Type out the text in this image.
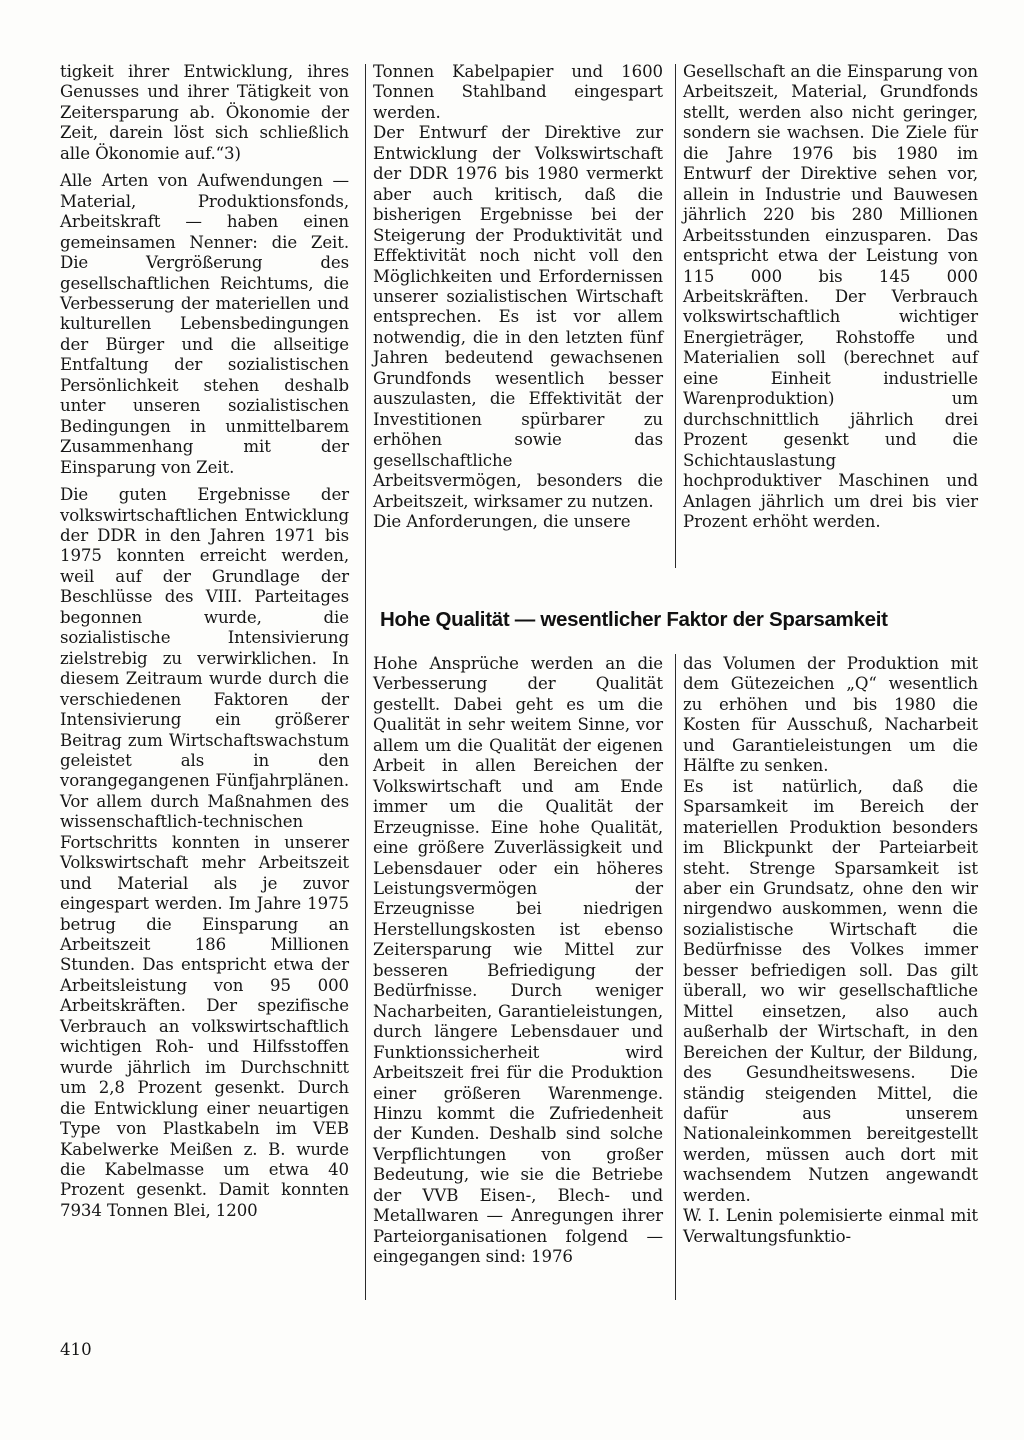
tigkeit ihrer Entwicklung, ihres Genusses und ihrer Tätigkeit von Zeitersparung ab. Ökonomie der Zeit, darein löst sich schließlich alle Ökonomie auf.“3)

Alle Arten von Aufwendungen — Material, Produktionsfonds, Arbeitskraft — haben einen gemeinsamen Nenner: die Zeit. Die Vergrößerung des gesellschaftlichen Reichtums, die Verbesserung der materiellen und kulturellen Lebensbedingungen der Bürger und die allseitige Entfaltung der sozialistischen Persönlichkeit stehen deshalb unter unseren sozialistischen Bedingungen in unmittelbarem Zusammenhang mit der Einsparung von Zeit.

Die guten Ergebnisse der volkswirtschaftlichen Entwicklung der DDR in den Jahren 1971 bis 1975 konnten erreicht werden, weil auf der Grundlage der Beschlüsse des VIII. Parteitages begonnen wurde, die sozialistische Intensivierung zielstrebig zu verwirklichen. In diesem Zeitraum wurde durch die verschiedenen Faktoren der Intensivierung ein größerer Beitrag zum Wirtschaftswachstum geleistet als in den vorangegangenen Fünfjahrplänen. Vor allem durch Maßnahmen des wissenschaftlich-technischen Fortschritts konnten in unserer Volkswirtschaft mehr Arbeitszeit und Material als je zuvor eingespart werden. Im Jahre 1975 betrug die Einsparung an Arbeitszeit 186 Millionen Stunden. Das entspricht etwa der Arbeitsleistung von 95 000 Arbeitskräften. Der spezifische Verbrauch an volkswirtschaftlich wichtigen Roh- und Hilfsstoffen wurde jährlich im Durchschnitt um 2,8 Prozent gesenkt. Durch die Entwicklung einer neuartigen Type von Plastkabeln im VEB Kabelwerke Meißen z. B. wurde die Kabelmasse um etwa 40 Prozent gesenkt. Damit konnten 7934 Tonnen Blei, 1200

Tonnen Kabelpapier und 1600 Tonnen Stahlband eingespart werden.

Der Entwurf der Direktive zur Entwicklung der Volkswirtschaft der DDR 1976 bis 1980 vermerkt aber auch kritisch, daß die bisherigen Ergebnisse bei der Steigerung der Produktivität und Effektivität noch nicht voll den Möglichkeiten und Erfordernissen unserer sozialistischen Wirtschaft entsprechen. Es ist vor allem notwendig, die in den letzten fünf Jahren bedeutend gewachsenen Grundfonds wesentlich besser auszulasten, die Effektivität der Investitionen spürbarer zu erhöhen sowie das gesellschaftliche Arbeitsvermögen, besonders die Arbeitszeit, wirksamer zu nutzen.

Die Anforderungen, die unsere

Gesellschaft an die Einsparung von Arbeitszeit, Material, Grundfonds stellt, werden also nicht geringer, sondern sie wachsen. Die Ziele für die Jahre 1976 bis 1980 im Entwurf der Direktive sehen vor, allein in Industrie und Bauwesen jährlich 220 bis 280 Millionen Arbeitsstunden einzusparen. Das entspricht etwa der Leistung von 115 000 bis 145 000 Arbeitskräften. Der Verbrauch volkswirtschaftlich wichtiger Energieträger, Rohstoffe und Materialien soll (berechnet auf eine Einheit industrielle Warenproduktion) um durchschnittlich jährlich drei Prozent gesenkt und die Schichtauslastung hochproduktiver Maschinen und Anlagen jährlich um drei bis vier Prozent erhöht werden.

Hohe Qualität — wesentlicher Faktor der Sparsamkeit

Hohe Ansprüche werden an die Verbesserung der Qualität gestellt. Dabei geht es um die Qualität in sehr weitem Sinne, vor allem um die Qualität der eigenen Arbeit in allen Bereichen der Volkswirtschaft und am Ende immer um die Qualität der Erzeugnisse. Eine hohe Qualität, eine größere Zuverlässigkeit und Lebensdauer oder ein höheres Leistungsvermögen der Erzeugnisse bei niedrigen Herstellungskosten ist ebenso Zeitersparung wie Mittel zur besseren Befriedigung der Bedürfnisse. Durch weniger Nacharbeiten, Garantieleistungen, durch längere Lebensdauer und Funktionssicherheit wird Arbeitszeit frei für die Produktion einer größeren Warenmenge. Hinzu kommt die Zufriedenheit der Kunden. Deshalb sind solche Verpflichtungen von großer Bedeutung, wie sie die Betriebe der VVB Eisen-, Blech- und Metallwaren — Anregungen ihrer Parteiorganisationen folgend — eingegangen sind: 1976

das Volumen der Produktion mit dem Gütezeichen „Q“ wesentlich zu erhöhen und bis 1980 die Kosten für Ausschuß, Nacharbeit und Garantieleistungen um die Hälfte zu senken.

Es ist natürlich, daß die Sparsamkeit im Bereich der materiellen Produktion besonders im Blickpunkt der Parteiarbeit steht. Strenge Sparsamkeit ist aber ein Grundsatz, ohne den wir nirgendwo auskommen, wenn die sozialistische Wirtschaft die Bedürfnisse des Volkes immer besser befriedigen soll. Das gilt überall, wo wir gesellschaftliche Mittel einsetzen, also auch außerhalb der Wirtschaft, in den Bereichen der Kultur, der Bildung, des Gesundheitswesens. Die ständig steigenden Mittel, die dafür aus unserem Nationaleinkommen bereitgestellt werden, müssen auch dort mit wachsendem Nutzen angewandt werden.

W. I. Lenin polemisierte einmal mit Verwaltungsfunktio-

410
